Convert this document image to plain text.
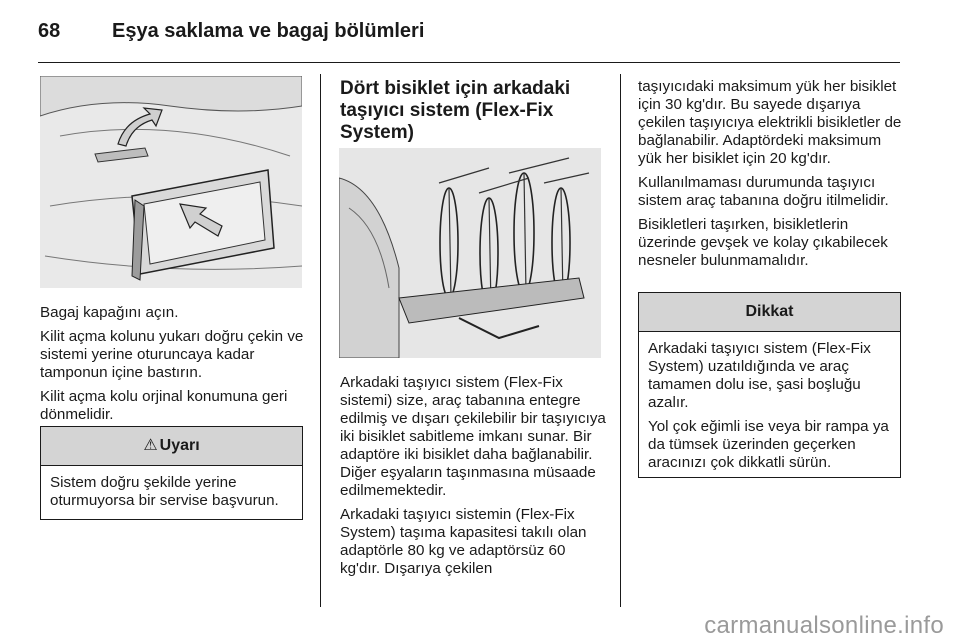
68	Eşya saklama ve bagaj bölümleri

Bagaj kapağını açın.

Kilit açma kolunu yukarı doğru çekin ve sistemi yerine oturuncaya kadar tamponun içine bastırın.

Kilit açma kolu orjinal konumuna geri dönmelidir.

⚠ Uyarı

Sistem doğru şekilde yerine oturmuyorsa bir servise başvurun.

Dört bisiklet için arkadaki taşıyıcı sistem (Flex-Fix System)

Arkadaki taşıyıcı sistem (Flex-Fix sistemi) size, araç tabanına entegre edilmiş ve dışarı çekilebilir bir taşıyıcıya iki bisiklet sabitleme imkanı sunar. Bir adaptöre iki bisiklet daha bağlanabilir. Diğer eşyaların taşınmasına müsaade edilmemektedir.

Arkadaki taşıyıcı sistemin (Flex-Fix System) taşıma kapasitesi takılı olan adaptörle 80 kg ve adaptörsüz 60 kg'dır. Dışarıya çekilen

taşıyıcıdaki maksimum yük her bisiklet için 30 kg'dır. Bu sayede dışarıya çekilen taşıyıcıya elektrikli bisikletler de bağlanabilir. Adaptördeki maksimum yük her bisiklet için 20 kg'dır.

Kullanılmaması durumunda taşıyıcı sistem araç tabanına doğru itilmelidir.

Bisikletleri taşırken, bisikletlerin üzerinde gevşek ve kolay çıkabilecek nesneler bulunmamalıdır.

Dikkat

Arkadaki taşıyıcı sistem (Flex-Fix System) uzatıldığında ve araç tamamen dolu ise, şasi boşluğu azalır.

Yol çok eğimli ise veya bir rampa ya da tümsek üzerinden geçerken aracınızı çok dikkatli sürün.

carmanualsonline.info
